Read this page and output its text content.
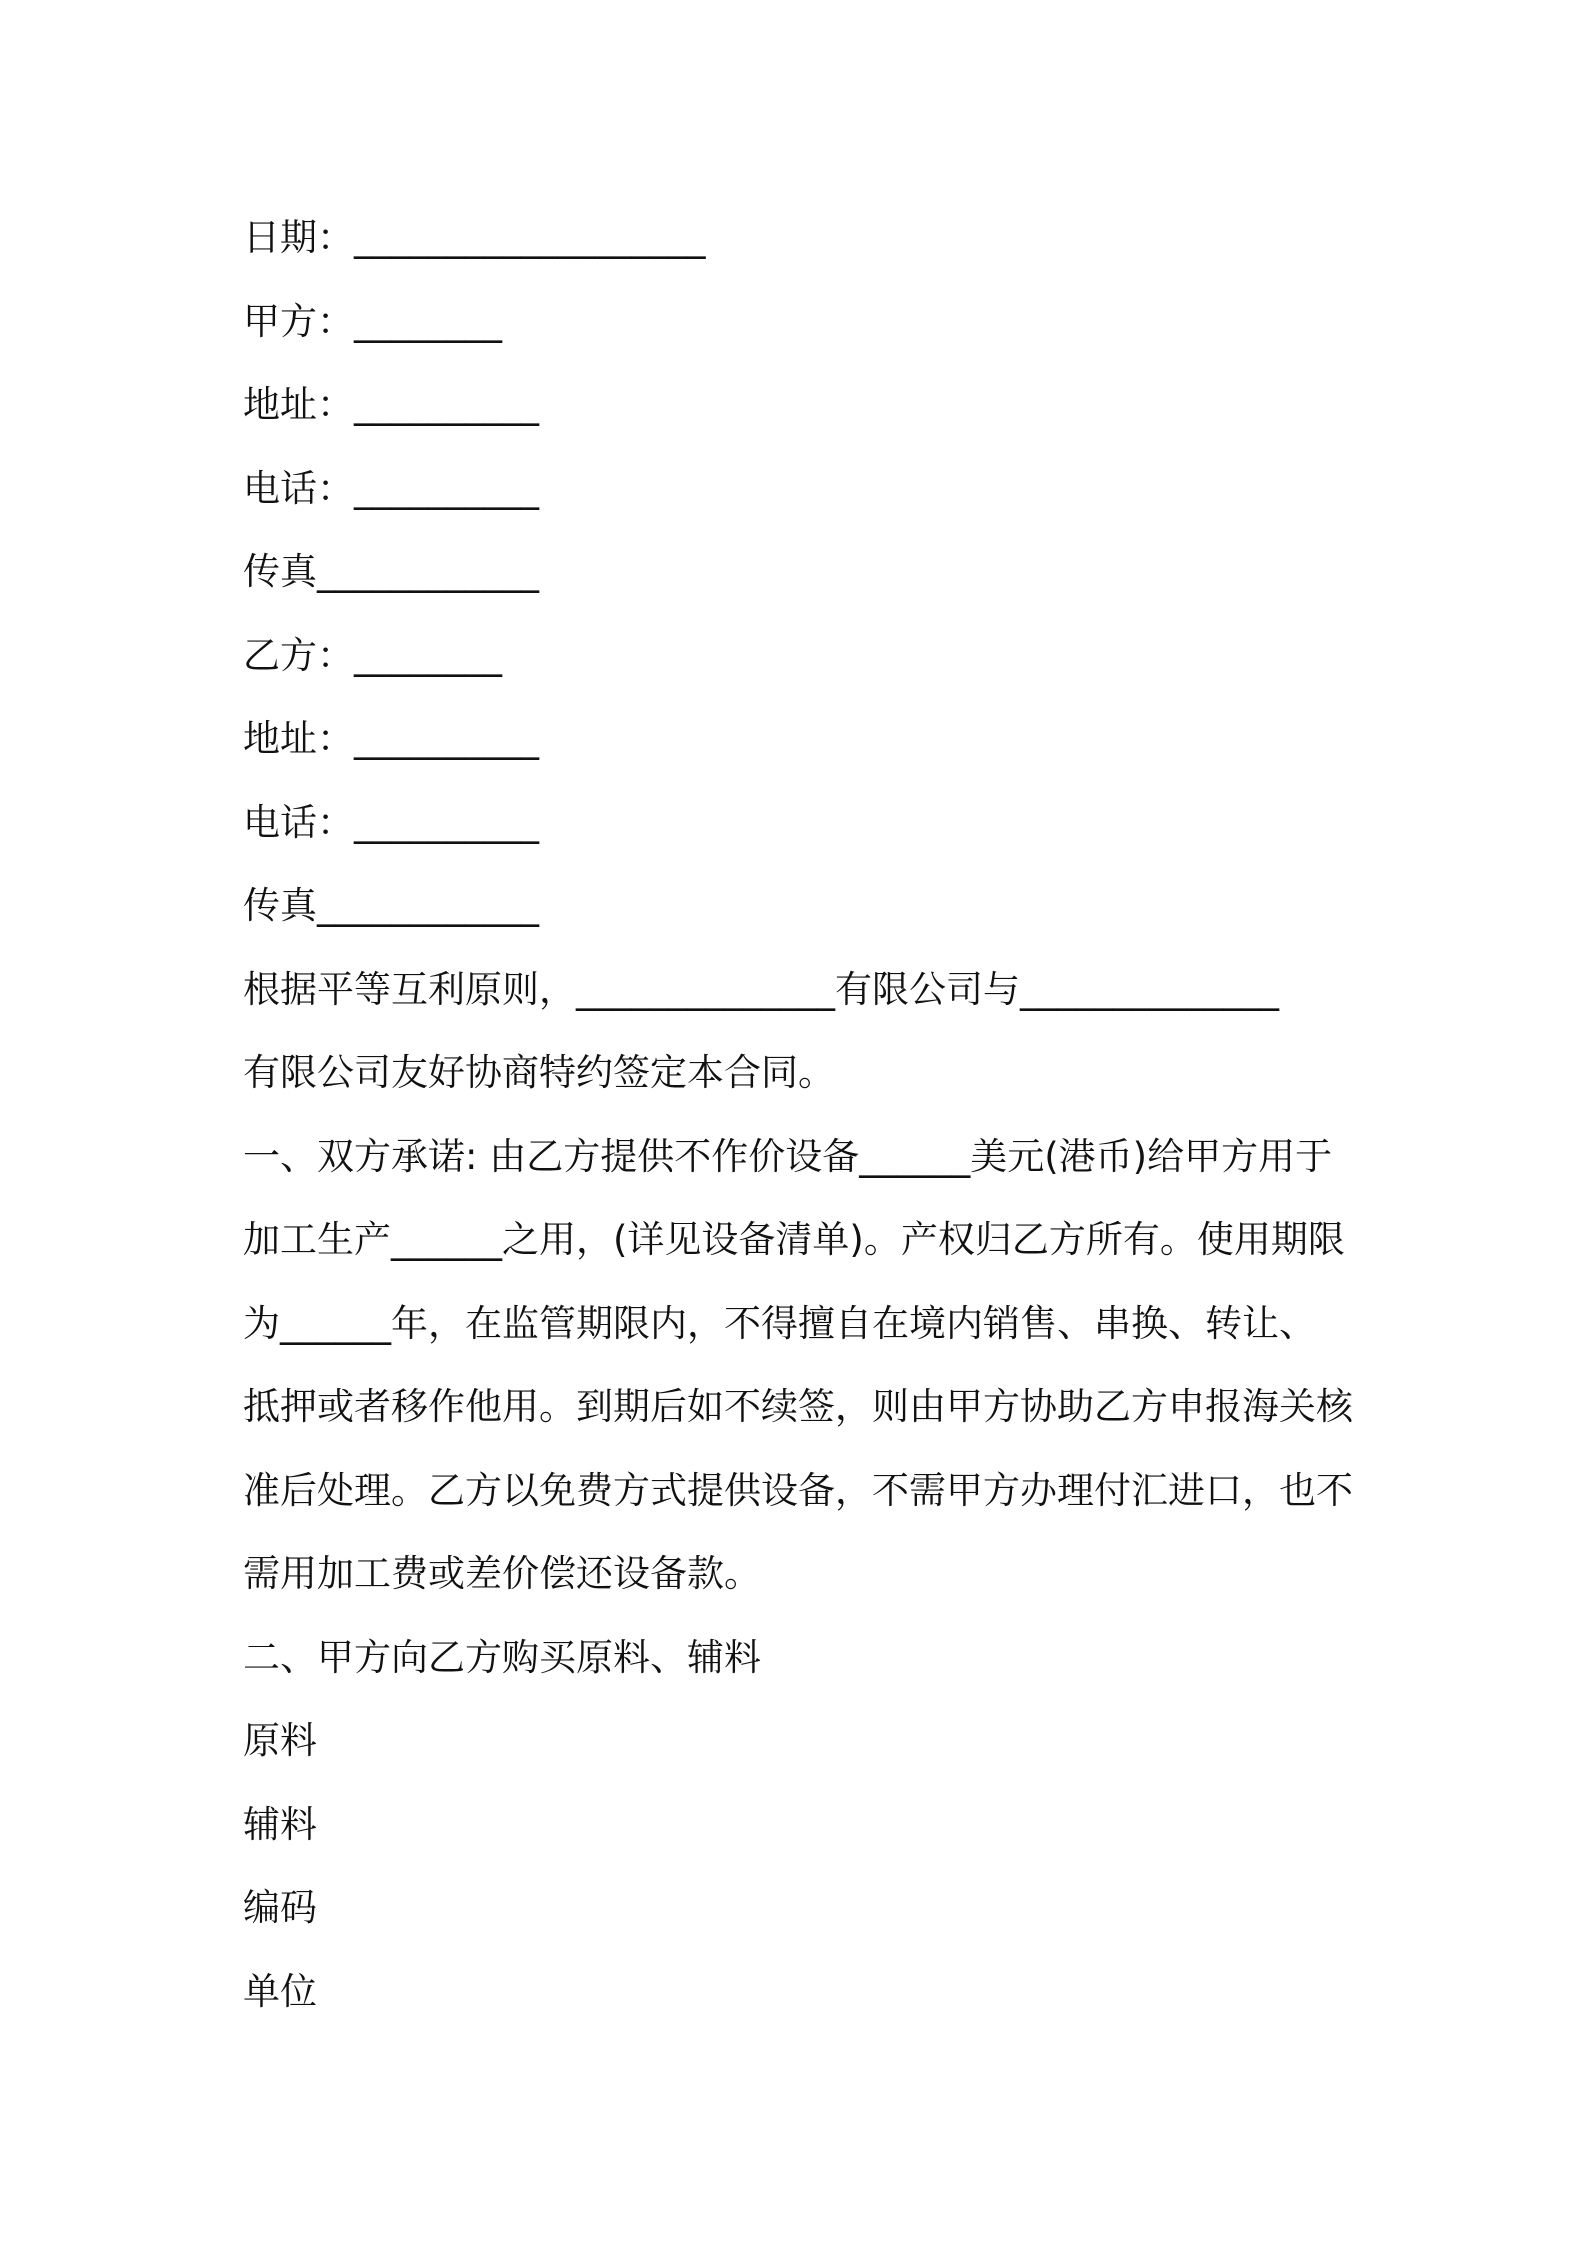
日期：___________________
甲方：________
地址：__________
电话：__________
传真____________
乙方：________
地址：__________
电话：__________
传真____________
根据平等互利原则，______________有限公司与______________
有限公司友好协商特约签定本合同。
一、双方承诺: 由乙方提供不作价设备______美元(港币)给甲方用于
加工生产______之用，(详见设备清单)。产权归乙方所有。使用期限
为______年，在监管期限内，不得擅自在境内销售、串换、转让、
抵押或者移作他用。到期后如不续签，则由甲方协助乙方申报海关核
准后处理。乙方以免费方式提供设备，不需甲方办理付汇进口，也不
需用加工费或差价偿还设备款。
二、甲方向乙方购买原料、辅料
原料
辅料
编码
单位
